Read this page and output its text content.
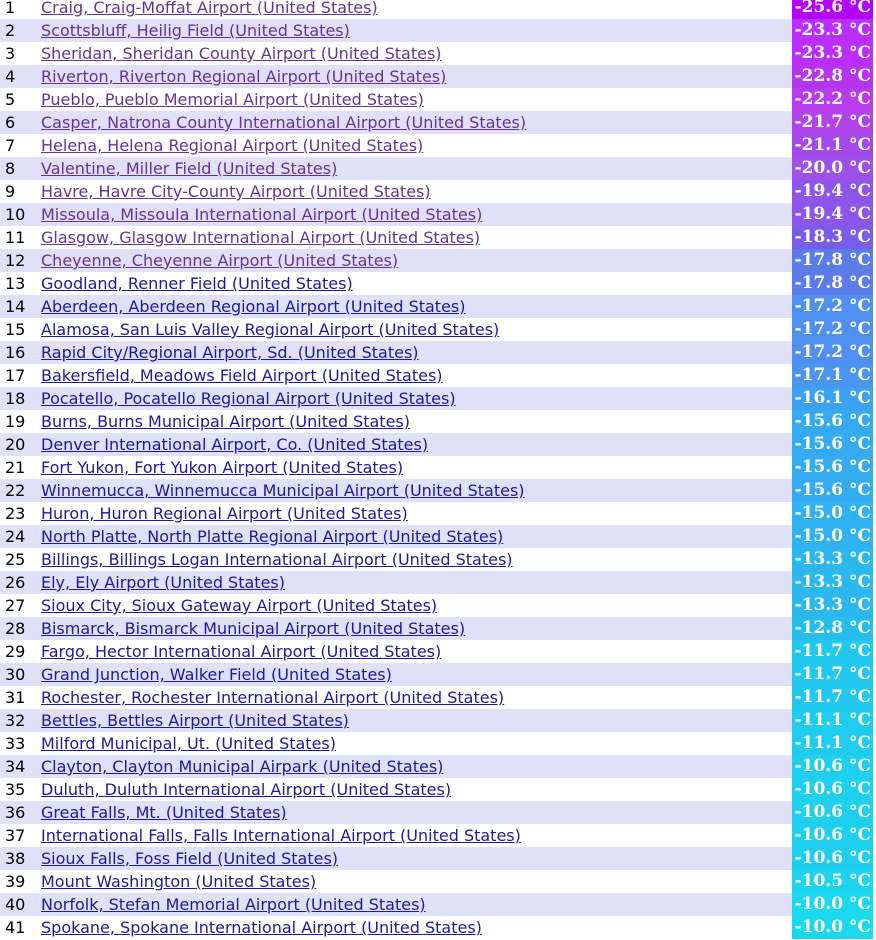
1	Craig, Craig-Moffat Airport (United States)		-25.6 °C
2	Scottsbluff, Heilig Field (United States)		-23.3 °C
3	Sheridan, Sheridan County Airport (United States)		-23.3 °C
4	Riverton, Riverton Regional Airport (United States)		-22.8 °C
5	Pueblo, Pueblo Memorial Airport (United States)		-22.2 °C
6	Casper, Natrona County International Airport (United States)		-21.7 °C
7	Helena, Helena Regional Airport (United States)		-21.1 °C
8	Valentine, Miller Field (United States)		-20.0 °C
9	Havre, Havre City-County Airport (United States)		-19.4 °C
10	Missoula, Missoula International Airport (United States)		-19.4 °C
11	Glasgow, Glasgow International Airport (United States)		-18.3 °C
12	Cheyenne, Cheyenne Airport (United States)		-17.8 °C
13	Goodland, Renner Field (United States)		-17.8 °C
14	Aberdeen, Aberdeen Regional Airport (United States)		-17.2 °C
15	Alamosa, San Luis Valley Regional Airport (United States)		-17.2 °C
16	Rapid City/Regional Airport, Sd. (United States)		-17.2 °C
17	Bakersfield, Meadows Field Airport (United States)		-17.1 °C
18	Pocatello, Pocatello Regional Airport (United States)		-16.1 °C
19	Burns, Burns Municipal Airport (United States)		-15.6 °C
20	Denver International Airport, Co. (United States)		-15.6 °C
21	Fort Yukon, Fort Yukon Airport (United States)		-15.6 °C
22	Winnemucca, Winnemucca Municipal Airport (United States)		-15.6 °C
23	Huron, Huron Regional Airport (United States)		-15.0 °C
24	North Platte, North Platte Regional Airport (United States)		-15.0 °C
25	Billings, Billings Logan International Airport (United States)		-13.3 °C
26	Ely, Ely Airport (United States)		-13.3 °C
27	Sioux City, Sioux Gateway Airport (United States)		-13.3 °C
28	Bismarck, Bismarck Municipal Airport (United States)		-12.8 °C
29	Fargo, Hector International Airport (United States)		-11.7 °C
30	Grand Junction, Walker Field (United States)		-11.7 °C
31	Rochester, Rochester International Airport (United States)		-11.7 °C
32	Bettles, Bettles Airport (United States)		-11.1 °C
33	Milford Municipal, Ut. (United States)		-11.1 °C
34	Clayton, Clayton Municipal Airpark (United States)		-10.6 °C
35	Duluth, Duluth International Airport (United States)		-10.6 °C
36	Great Falls, Mt. (United States)		-10.6 °C
37	International Falls, Falls International Airport (United States)		-10.6 °C
38	Sioux Falls, Foss Field (United States)		-10.6 °C
39	Mount Washington (United States)		-10.5 °C
40	Norfolk, Stefan Memorial Airport (United States)		-10.0 °C
41	Spokane, Spokane International Airport (United States)		-10.0 °C
